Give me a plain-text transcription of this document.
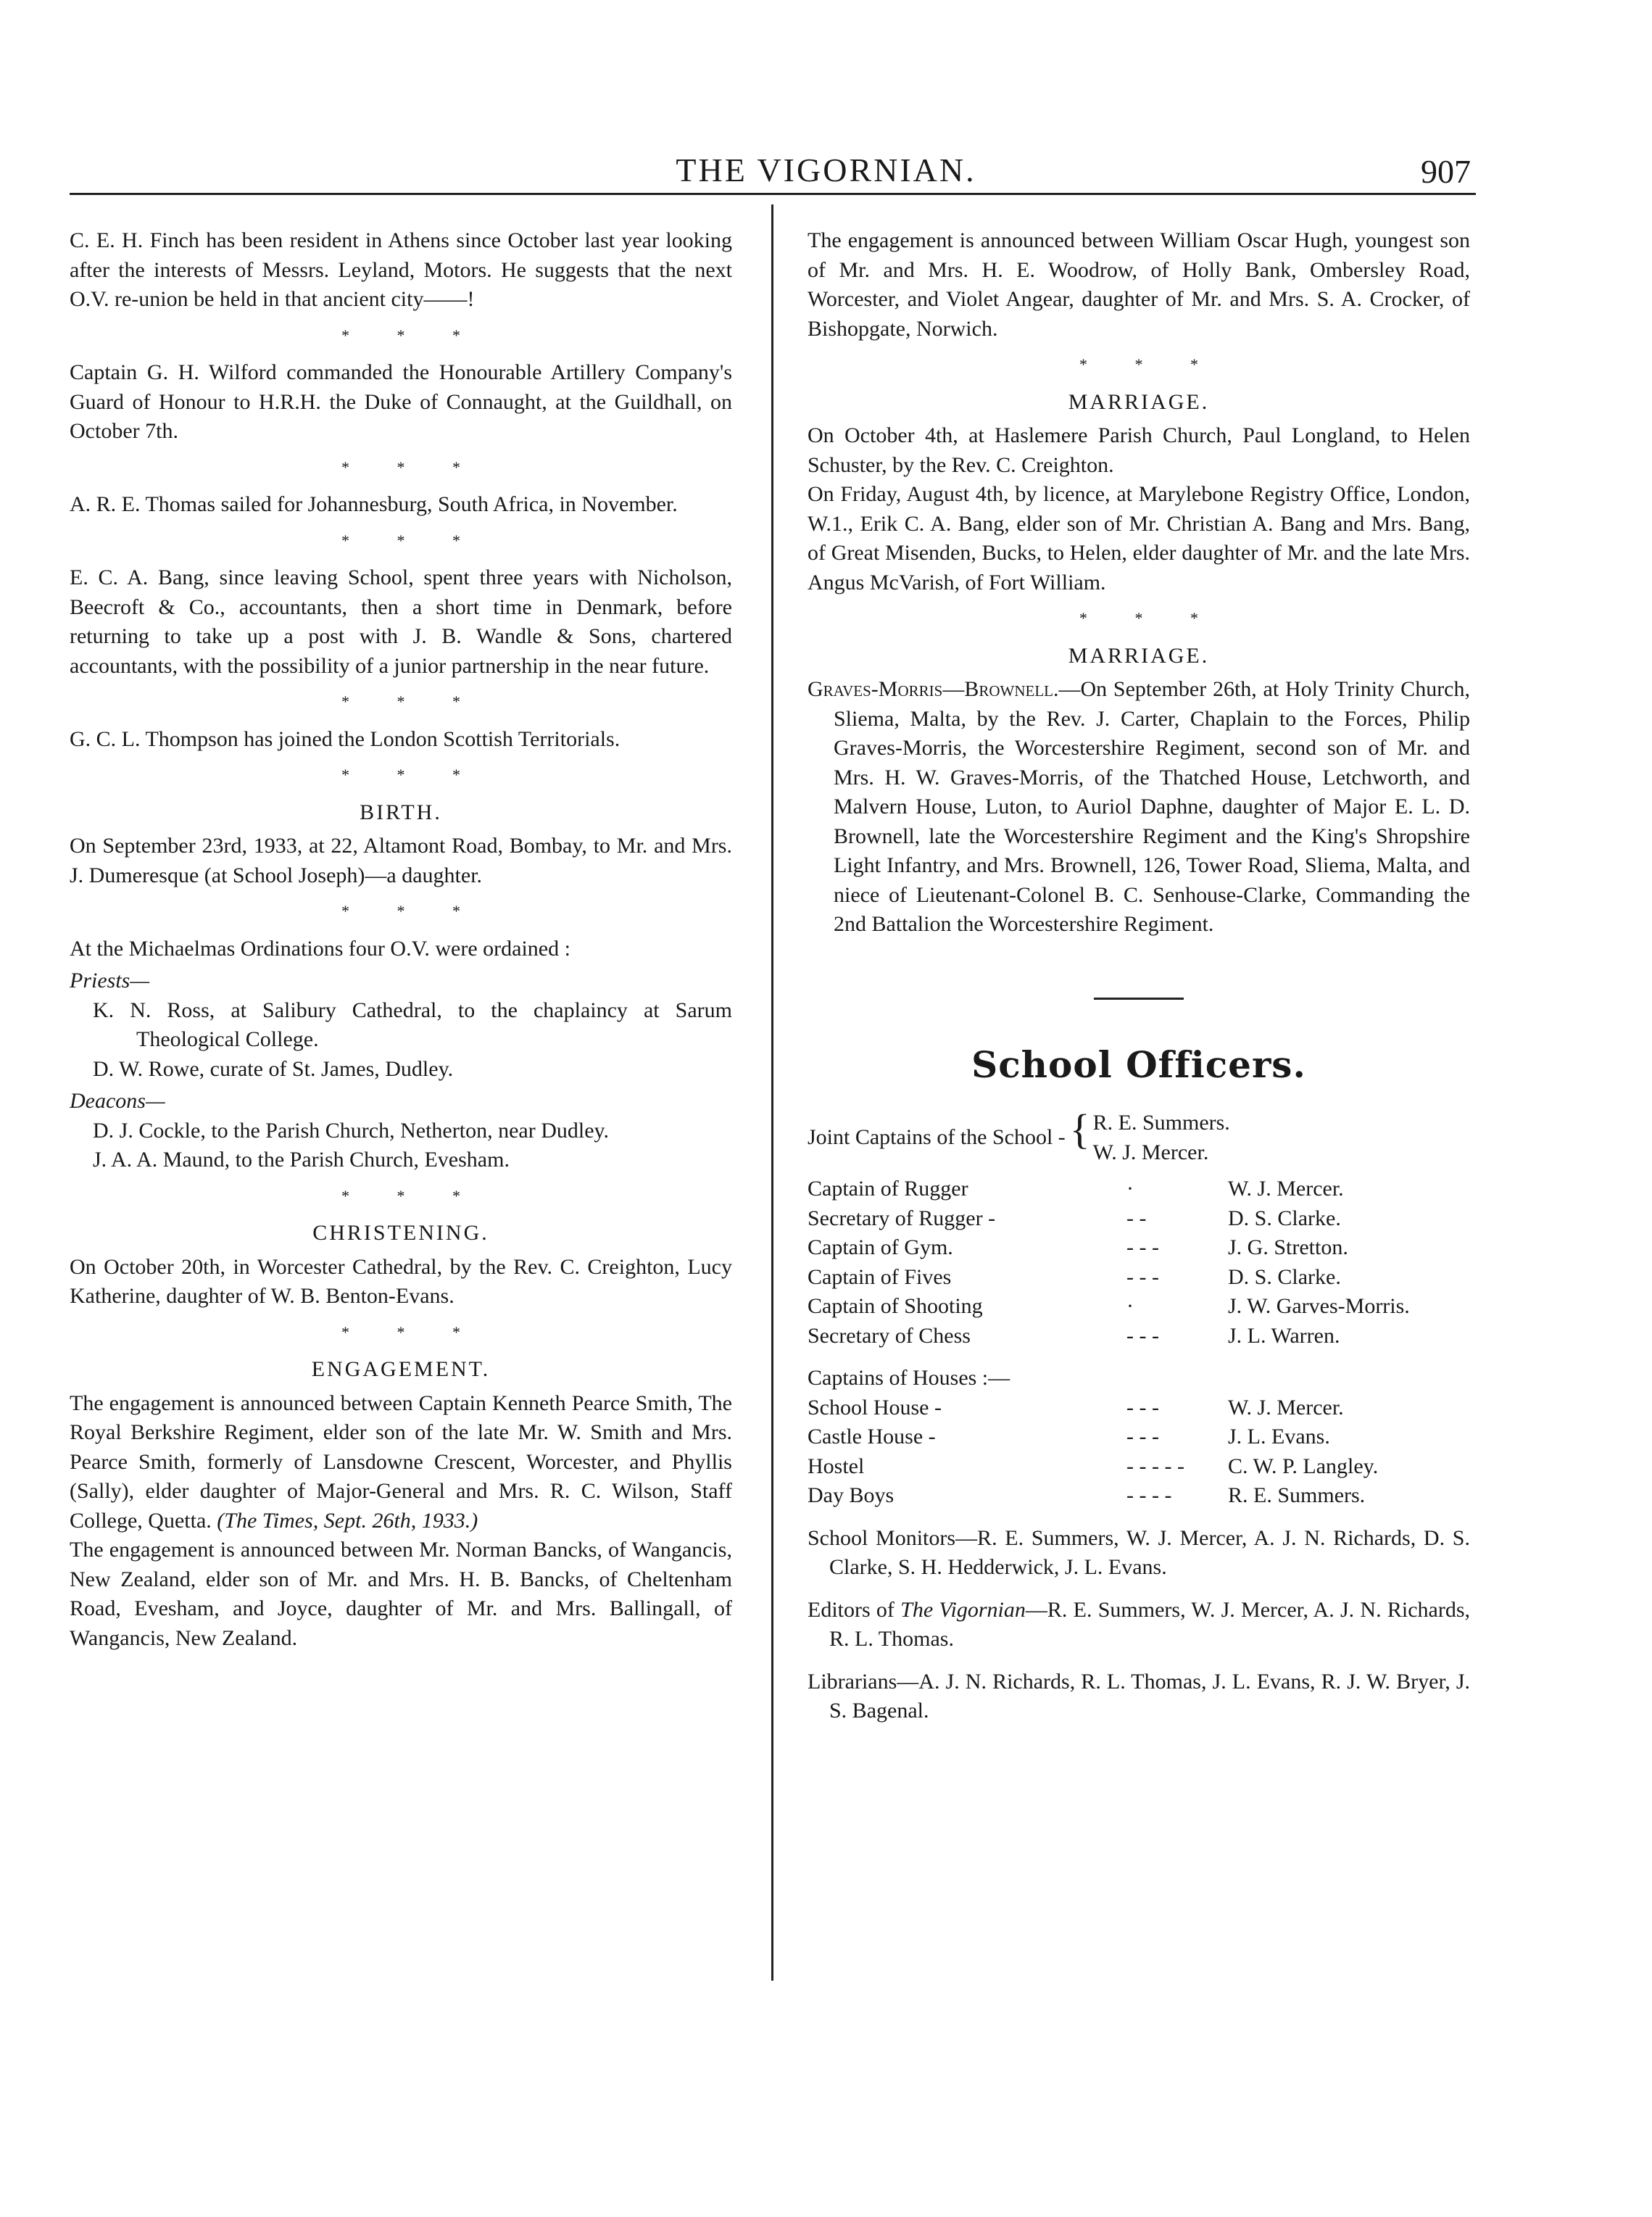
THE VIGORNIAN.	907

C. E. H. Finch has been resident in Athens since October last year looking after the interests of Messrs. Leyland, Motors. He suggests that the next O.V. re-union be held in that ancient city——!

* * *

Captain G. H. Wilford commanded the Honourable Artillery Company's Guard of Honour to H.R.H. the Duke of Connaught, at the Guildhall, on October 7th.

* * *

A. R. E. Thomas sailed for Johannesburg, South Africa, in November.

* * *

E. C. A. Bang, since leaving School, spent three years with Nicholson, Beecroft & Co., accountants, then a short time in Denmark, before returning to take up a post with J. B. Wandle & Sons, chartered accountants, with the possibility of a junior partnership in the near future.

* * *

G. C. L. Thompson has joined the London Scottish Territorials.

* * *
BIRTH.

On September 23rd, 1933, at 22, Altamont Road, Bombay, to Mr. and Mrs. J. Dumeresque (at School Joseph)—a daughter.

* * *

At the Michaelmas Ordinations four O.V. were ordained :

Priests—

K. N. Ross, at Salibury Cathedral, to the chaplaincy at Sarum Theological College.

D. W. Rowe, curate of St. James, Dudley.

Deacons—

D. J. Cockle, to the Parish Church, Netherton, near Dudley.

J. A. A. Maund, to the Parish Church, Evesham.

* * *
CHRISTENING.

On October 20th, in Worcester Cathedral, by the Rev. C. Creighton, Lucy Katherine, daughter of W. B. Benton-Evans.

* * *
ENGAGEMENT.

The engagement is announced between Captain Kenneth Pearce Smith, The Royal Berkshire Regiment, elder son of the late Mr. W. Smith and Mrs. Pearce Smith, formerly of Lansdowne Crescent, Worcester, and Phyllis (Sally), elder daughter of Major-General and Mrs. R. C. Wilson, Staff College, Quetta. (The Times, Sept. 26th, 1933.)

The engagement is announced between Mr. Norman Bancks, of Wangancis, New Zealand, elder son of Mr. and Mrs. H. B. Bancks, of Cheltenham Road, Evesham, and Joyce, daughter of Mr. and Mrs. Ballingall, of Wangancis, New Zealand.

The engagement is announced between William Oscar Hugh, youngest son of Mr. and Mrs. H. E. Woodrow, of Holly Bank, Ombersley Road, Worcester, and Violet Angear, daughter of Mr. and Mrs. S. A. Crocker, of Bishopgate, Norwich.

* * *
MARRIAGE.

On October 4th, at Haslemere Parish Church, Paul Longland, to Helen Schuster, by the Rev. C. Creighton.

On Friday, August 4th, by licence, at Marylebone Registry Office, London, W.1., Erik C. A. Bang, elder son of Mr. Christian A. Bang and Mrs. Bang, of Great Misenden, Bucks, to Helen, elder daughter of Mr. and the late Mrs. Angus McVarish, of Fort William.

* * *
MARRIAGE.

Graves-Morris—Brownell.—On September 26th, at Holy Trinity Church, Sliema, Malta, by the Rev. J. Carter, Chaplain to the Forces, Philip Graves-Morris, the Worcestershire Regiment, second son of Mr. and Mrs. H. W. Graves-Morris, of the Thatched House, Letchworth, and Malvern House, Luton, to Auriol Daphne, daughter of Major E. L. D. Brownell, late the Worcestershire Regiment and the King's Shropshire Light Infantry, and Mrs. Brownell, 126, Tower Road, Sliema, Malta, and niece of Lieutenant-Colonel B. C. Senhouse-Clarke, Commanding the 2nd Battalion the Worcestershire Regiment.

School Officers.
Joint Captains of the School -	{	R. E. Summers.
W. J. Mercer.
Captain of Rugger	·	W. J. Mercer.
Secretary of Rugger -	- -	D. S. Clarke.
Captain of Gym.	- - -	J. G. Stretton.
Captain of Fives	- - -	D. S. Clarke.
Captain of Shooting	·	J. W. Garves-Morris.
Secretary of Chess	- - -	J. L. Warren.

Captains of Houses :—

School House -	- - -	W. J. Mercer.
Castle House -	- - -	J. L. Evans.
Hostel	- - - - -	C. W. P. Langley.
Day Boys	- - - -	R. E. Summers.

School Monitors—R. E. Summers, W. J. Mercer, A. J. N. Richards, D. S. Clarke, S. H. Hedderwick, J. L. Evans.

Editors of The Vigornian—R. E. Summers, W. J. Mercer, A. J. N. Richards, R. L. Thomas.

Librarians—A. J. N. Richards, R. L. Thomas, J. L. Evans, R. J. W. Bryer, J. S. Bagenal.
